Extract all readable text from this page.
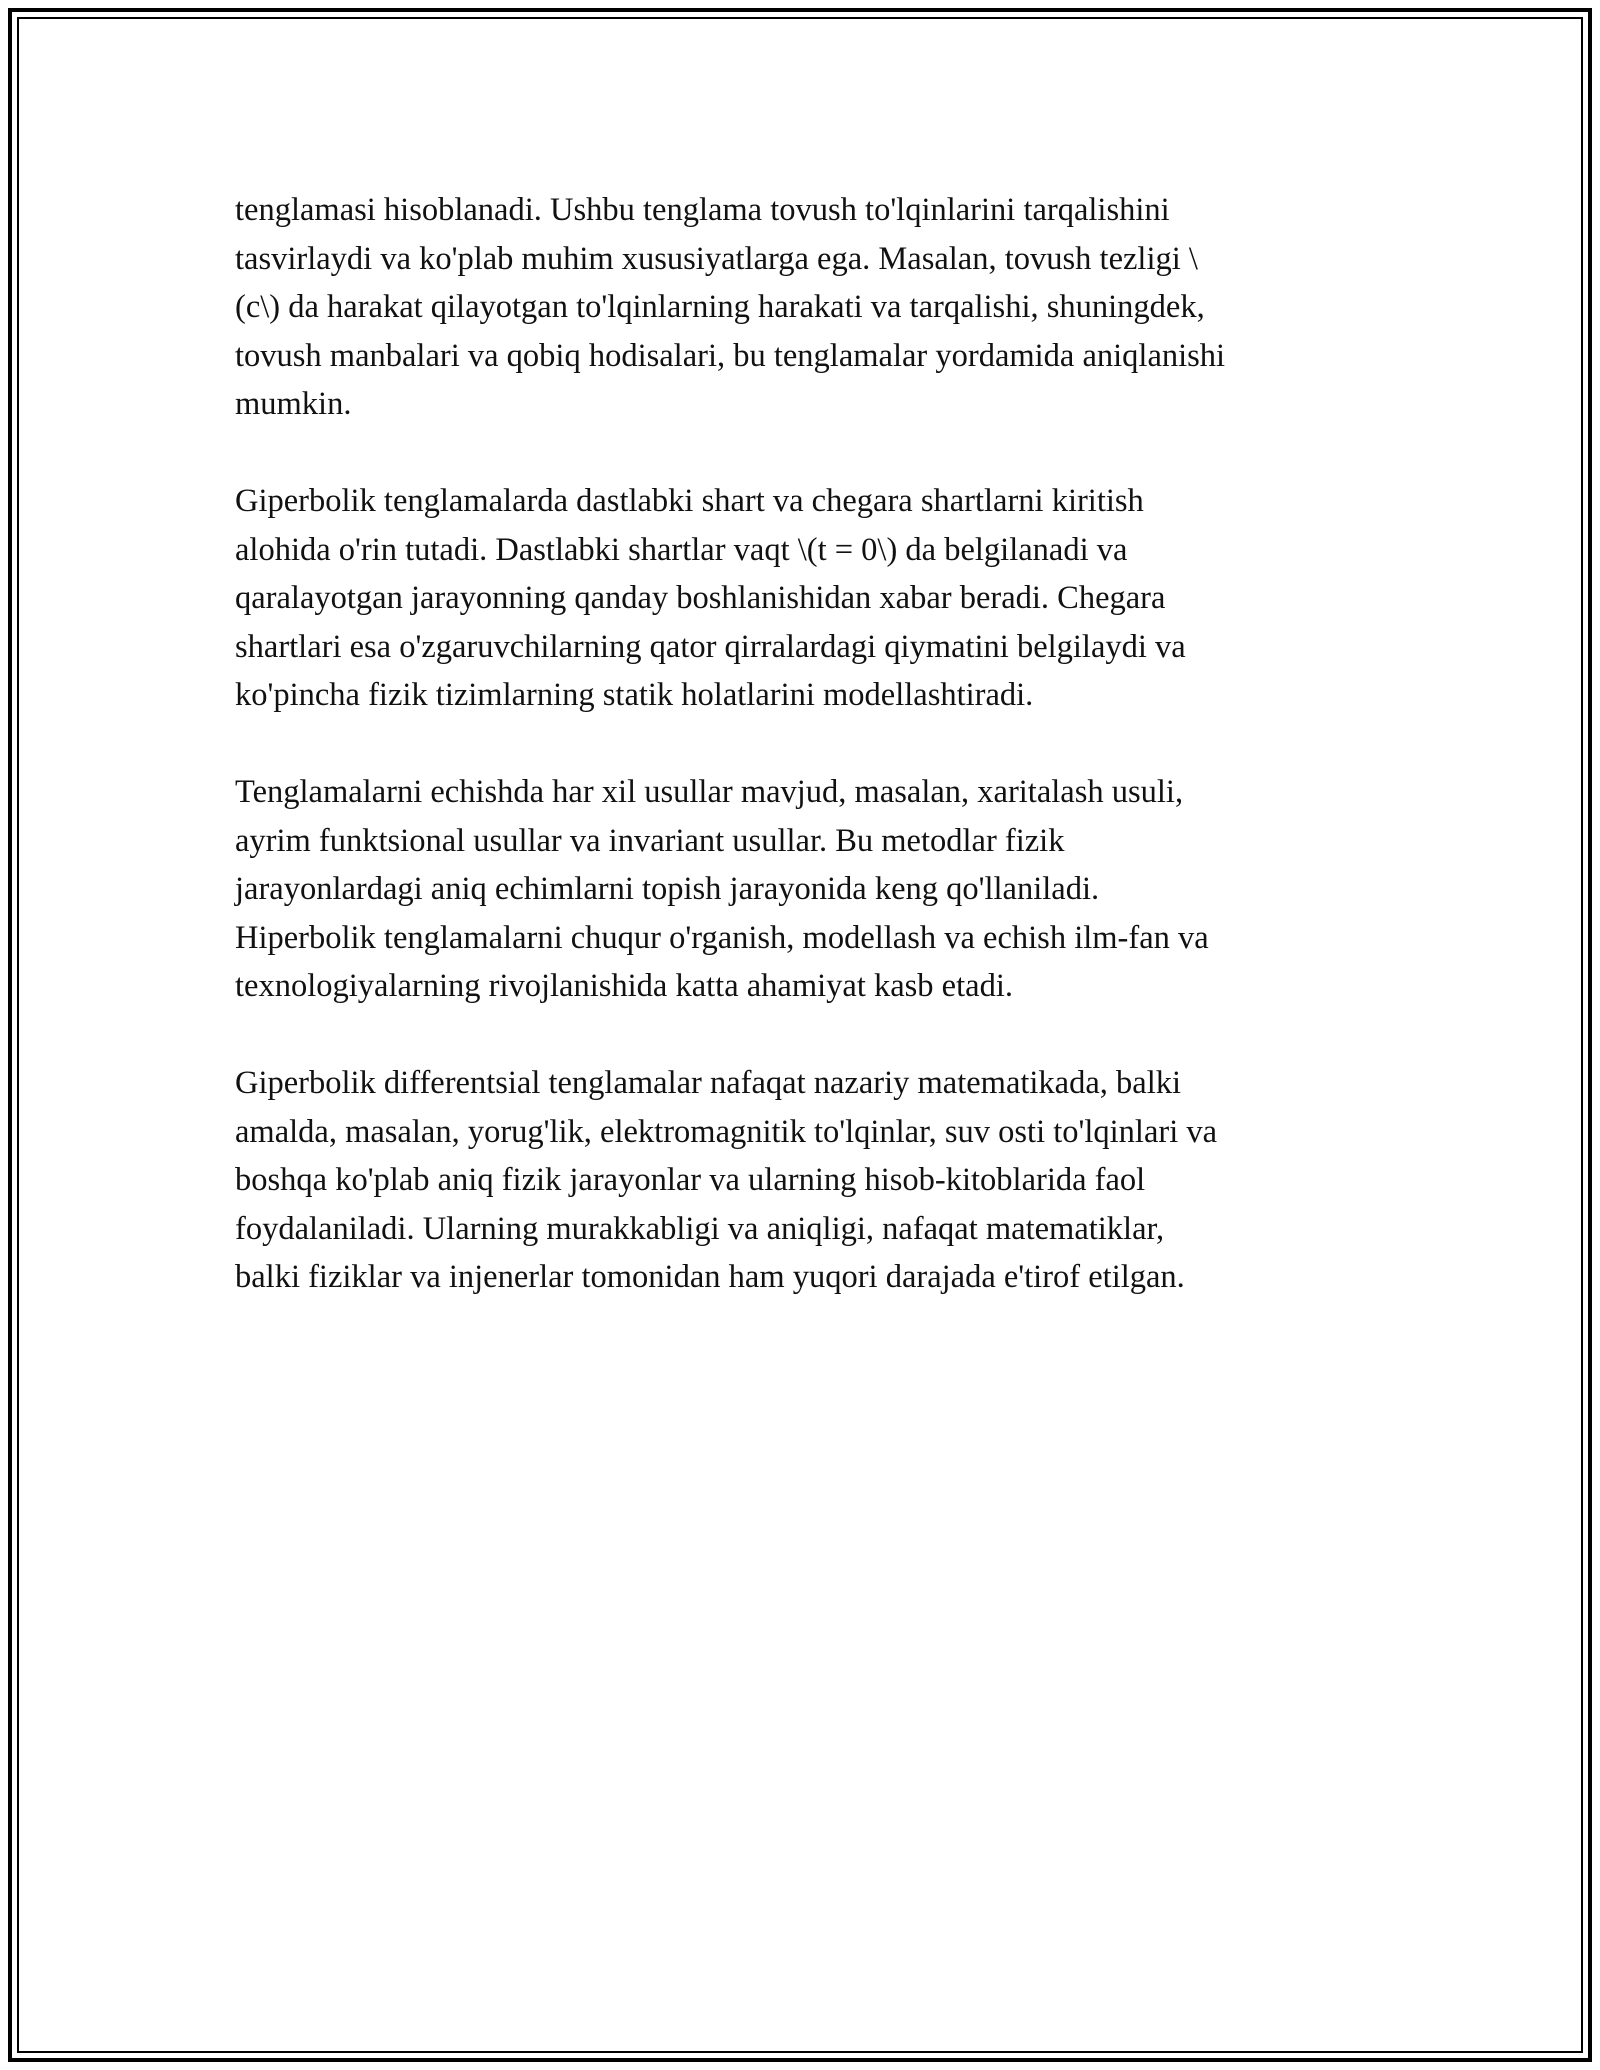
tenglamasi hisoblanadi. Ushbu tenglama tovush to'lqinlarini tarqalishini
tasvirlaydi va ko'plab muhim xususiyatlarga ega. Masalan, tovush tezligi \
(c\) da harakat qilayotgan to'lqinlarning harakati va tarqalishi, shuningdek,
tovush manbalari va qobiq hodisalari, bu tenglamalar yordamida aniqlanishi
mumkin.

Giperbolik tenglamalarda dastlabki shart va chegara shartlarni kiritish
alohida o'rin tutadi. Dastlabki shartlar vaqt \(t = 0\) da belgilanadi va
qaralayotgan jarayonning qanday boshlanishidan xabar beradi. Chegara
shartlari esa o'zgaruvchilarning qator qirralardagi qiymatini belgilaydi va
ko'pincha fizik tizimlarning statik holatlarini modellashtiradi.

Tenglamalarni echishda har xil usullar mavjud, masalan, xaritalash usuli,
ayrim funktsional usullar va invariant usullar. Bu metodlar fizik
jarayonlardagi aniq echimlarni topish jarayonida keng qo'llaniladi.
Hiperbolik tenglamalarni chuqur o'rganish, modellash va echish ilm-fan va
texnologiyalarning rivojlanishida katta ahamiyat kasb etadi.

Giperbolik differentsial tenglamalar nafaqat nazariy matematikada, balki
amalda, masalan, yorug'lik, elektromagnitik to'lqinlar, suv osti to'lqinlari va
boshqa ko'plab aniq fizik jarayonlar va ularning hisob-kitoblarida faol
foydalaniladi. Ularning murakkabligi va aniqligi, nafaqat matematiklar,
balki fiziklar va injenerlar tomonidan ham yuqori darajada e'tirof etilgan.
